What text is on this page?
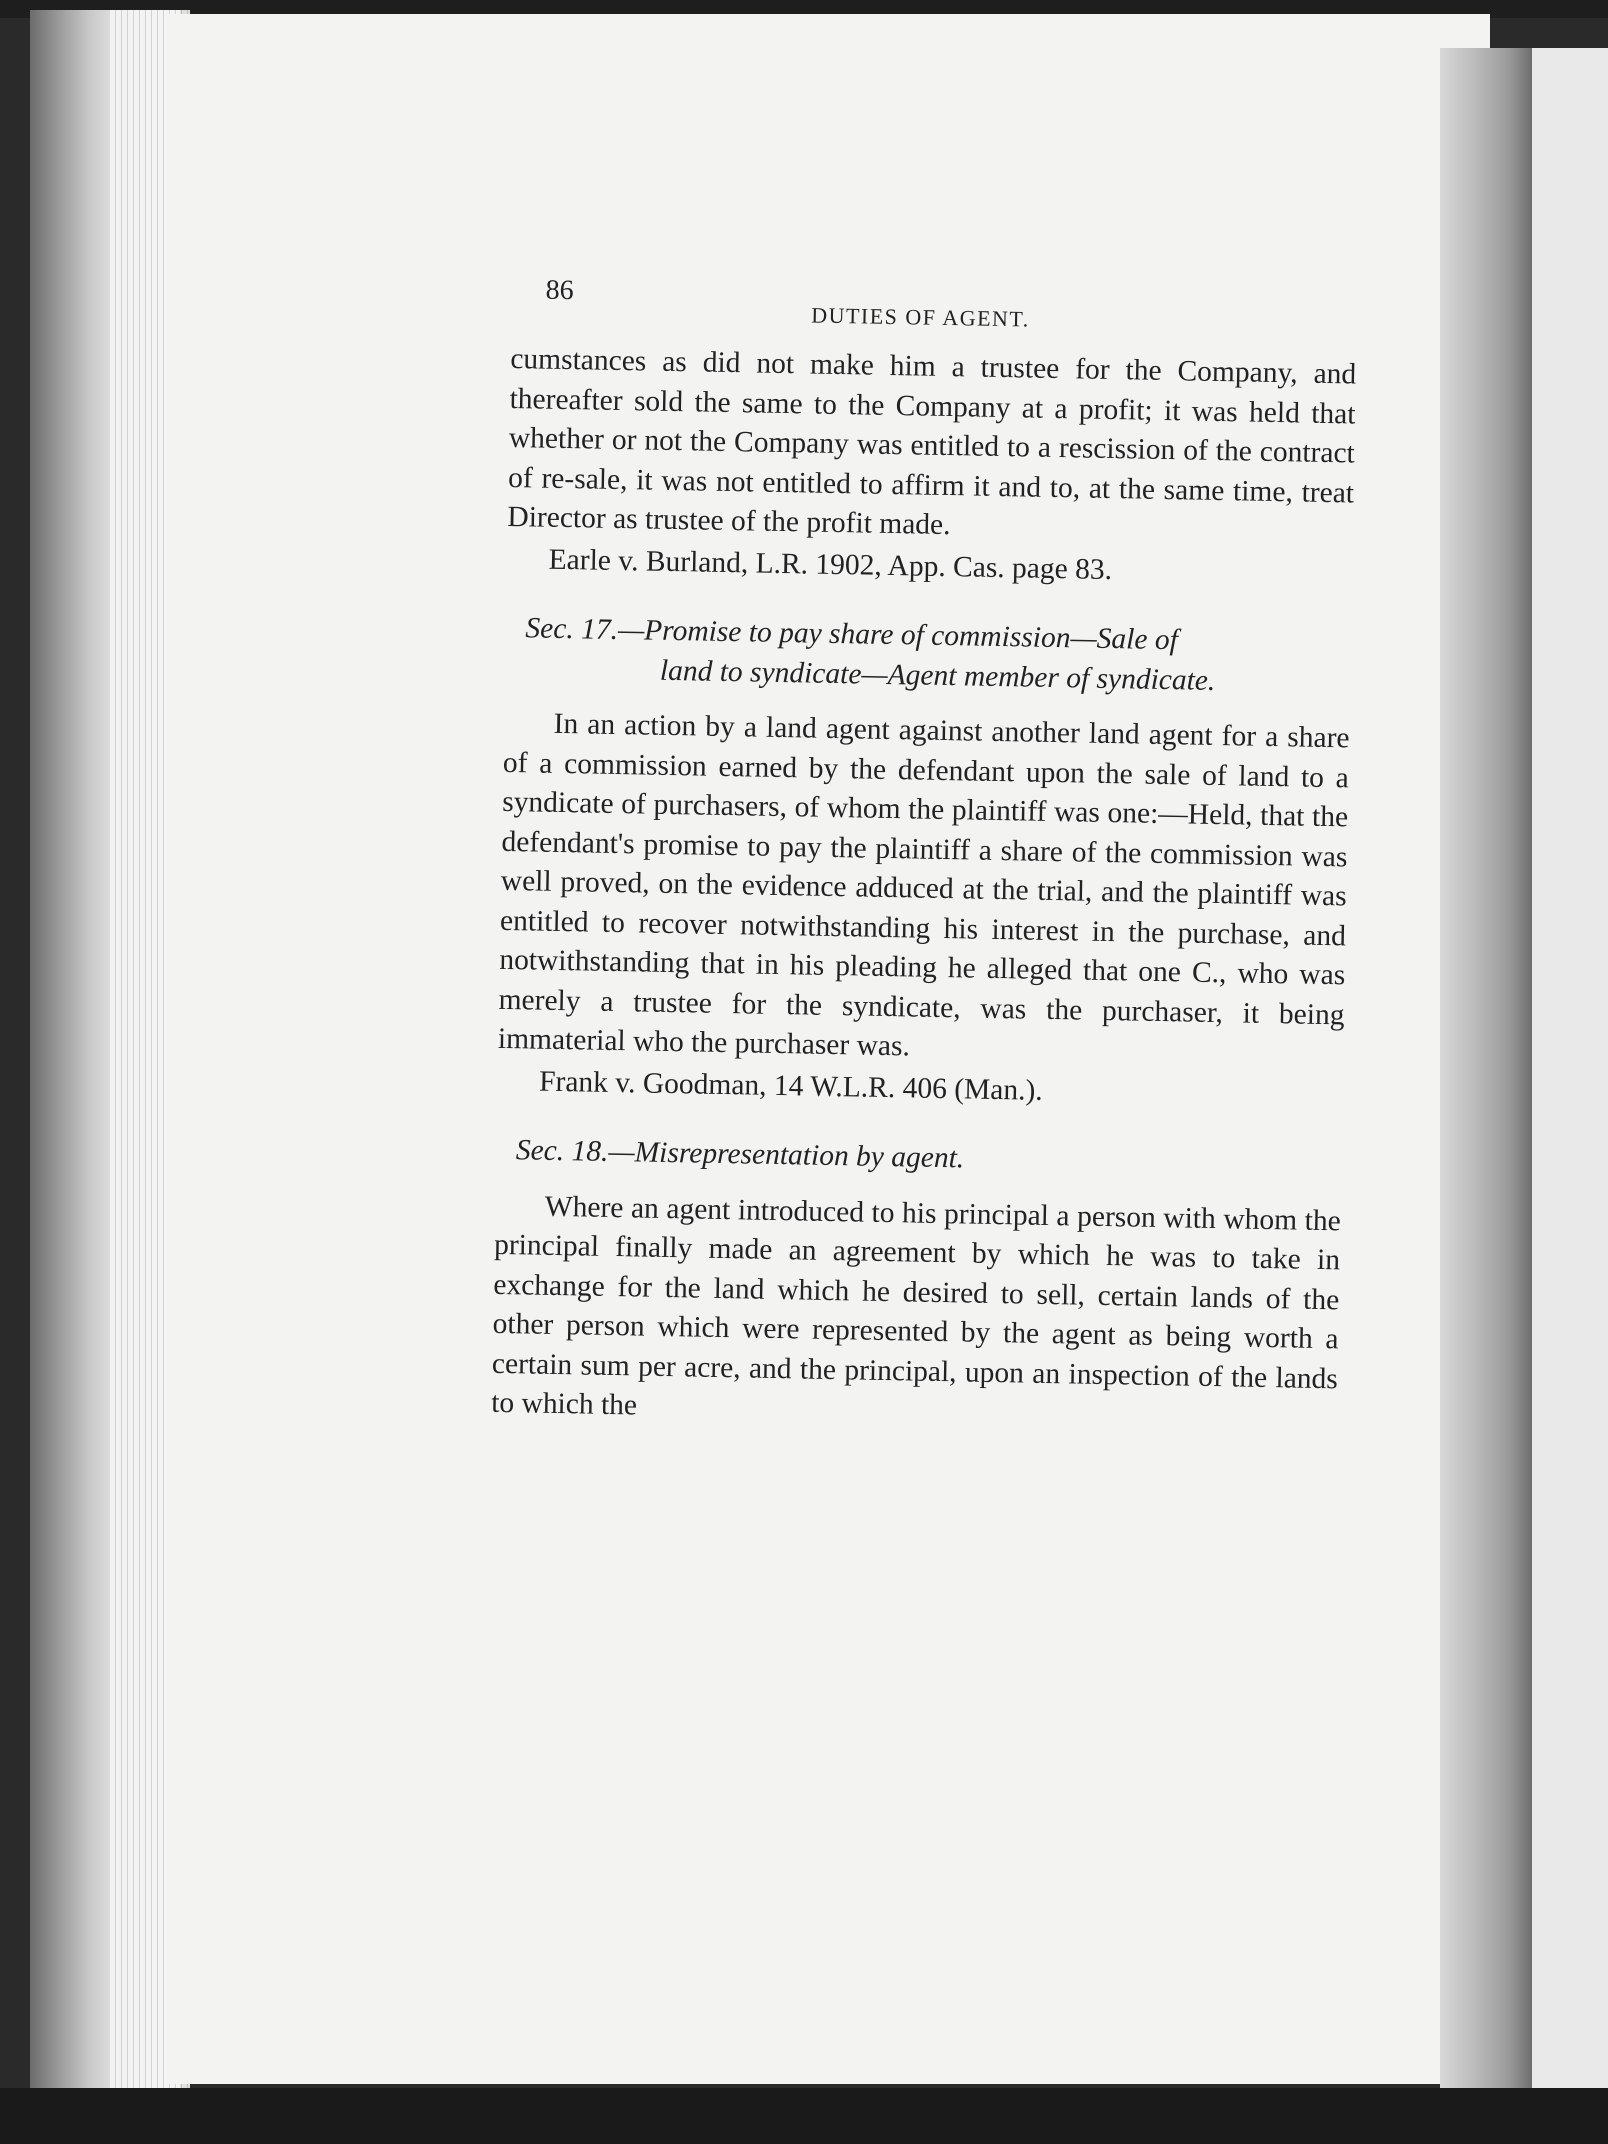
86
DUTIES OF AGENT.

cumstances as did not make him a trustee for the Company, and thereafter sold the same to the Company at a profit; it was held that whether or not the Company was entitled to a rescission of the contract of re-sale, it was not entitled to affirm it and to, at the same time, treat Director as trustee of the profit made.

Earle v. Burland, L.R. 1902, App. Cas. page 83.

Sec. 17.—Promise to pay share of commission—Sale of
land to syndicate—Agent member of syndicate.

In an action by a land agent against another land agent for a share of a commission earned by the defendant upon the sale of land to a syndicate of purchasers, of whom the plaintiff was one:—Held, that the defendant's promise to pay the plaintiff a share of the commission was well proved, on the evidence adduced at the trial, and the plaintiff was entitled to recover notwithstanding his interest in the purchase, and notwithstanding that in his pleading he alleged that one C., who was merely a trustee for the syndicate, was the purchaser, it being immaterial who the purchaser was.

Frank v. Goodman, 14 W.L.R. 406 (Man.).

Sec. 18.—Misrepresentation by agent.

Where an agent introduced to his principal a person with whom the principal finally made an agreement by which he was to take in exchange for the land which he desired to sell, certain lands of the other person which were represented by the agent as being worth a certain sum per acre, and the principal, upon an inspection of the lands to which the
